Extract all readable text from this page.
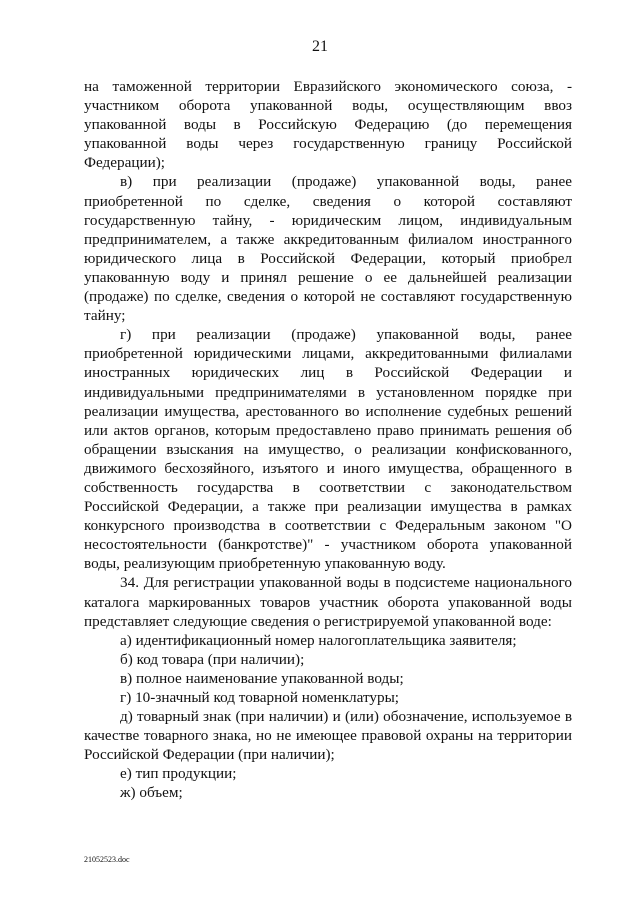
21

на таможенной территории Евразийского экономического союза, - участником оборота упакованной воды, осуществляющим ввоз упакованной воды в Российскую Федерацию (до перемещения упакованной воды через государственную границу Российской Федерации);

в) при реализации (продаже) упакованной воды, ранее приобретенной по сделке, сведения о которой составляют государственную тайну, - юридическим лицом, индивидуальным предпринимателем, а также аккредитованным филиалом иностранного юридического лица в Российской Федерации, который приобрел упакованную воду и принял решение о ее дальнейшей реализации (продаже) по сделке, сведения о которой не составляют государственную тайну;

г) при реализации (продаже) упакованной воды, ранее приобретенной юридическими лицами, аккредитованными филиалами иностранных юридических лиц в Российской Федерации и индивидуальными предпринимателями в установленном порядке при реализации имущества, арестованного во исполнение судебных решений или актов органов, которым предоставлено право принимать решения об обращении взыскания на имущество, о реализации конфискованного, движимого бесхозяйного, изъятого и иного имущества, обращенного в собственность государства в соответствии с законодательством Российской Федерации, а также при реализации имущества в рамках конкурсного производства в соответствии с Федеральным законом "О несостоятельности (банкротстве)" - участником оборота упакованной воды, реализующим приобретенную упакованную воду.

34. Для регистрации упакованной воды в подсистеме национального каталога маркированных товаров участник оборота упакованной воды представляет следующие сведения о регистрируемой упакованной воде:

а) идентификационный номер налогоплательщика заявителя;

б) код товара (при наличии);

в) полное наименование упакованной воды;

г) 10-значный код товарной номенклатуры;

д) товарный знак (при наличии) и (или) обозначение, используемое в качестве товарного знака, но не имеющее правовой охраны на территории Российской Федерации (при наличии);

е) тип продукции;

ж) объем;

21052523.doc
